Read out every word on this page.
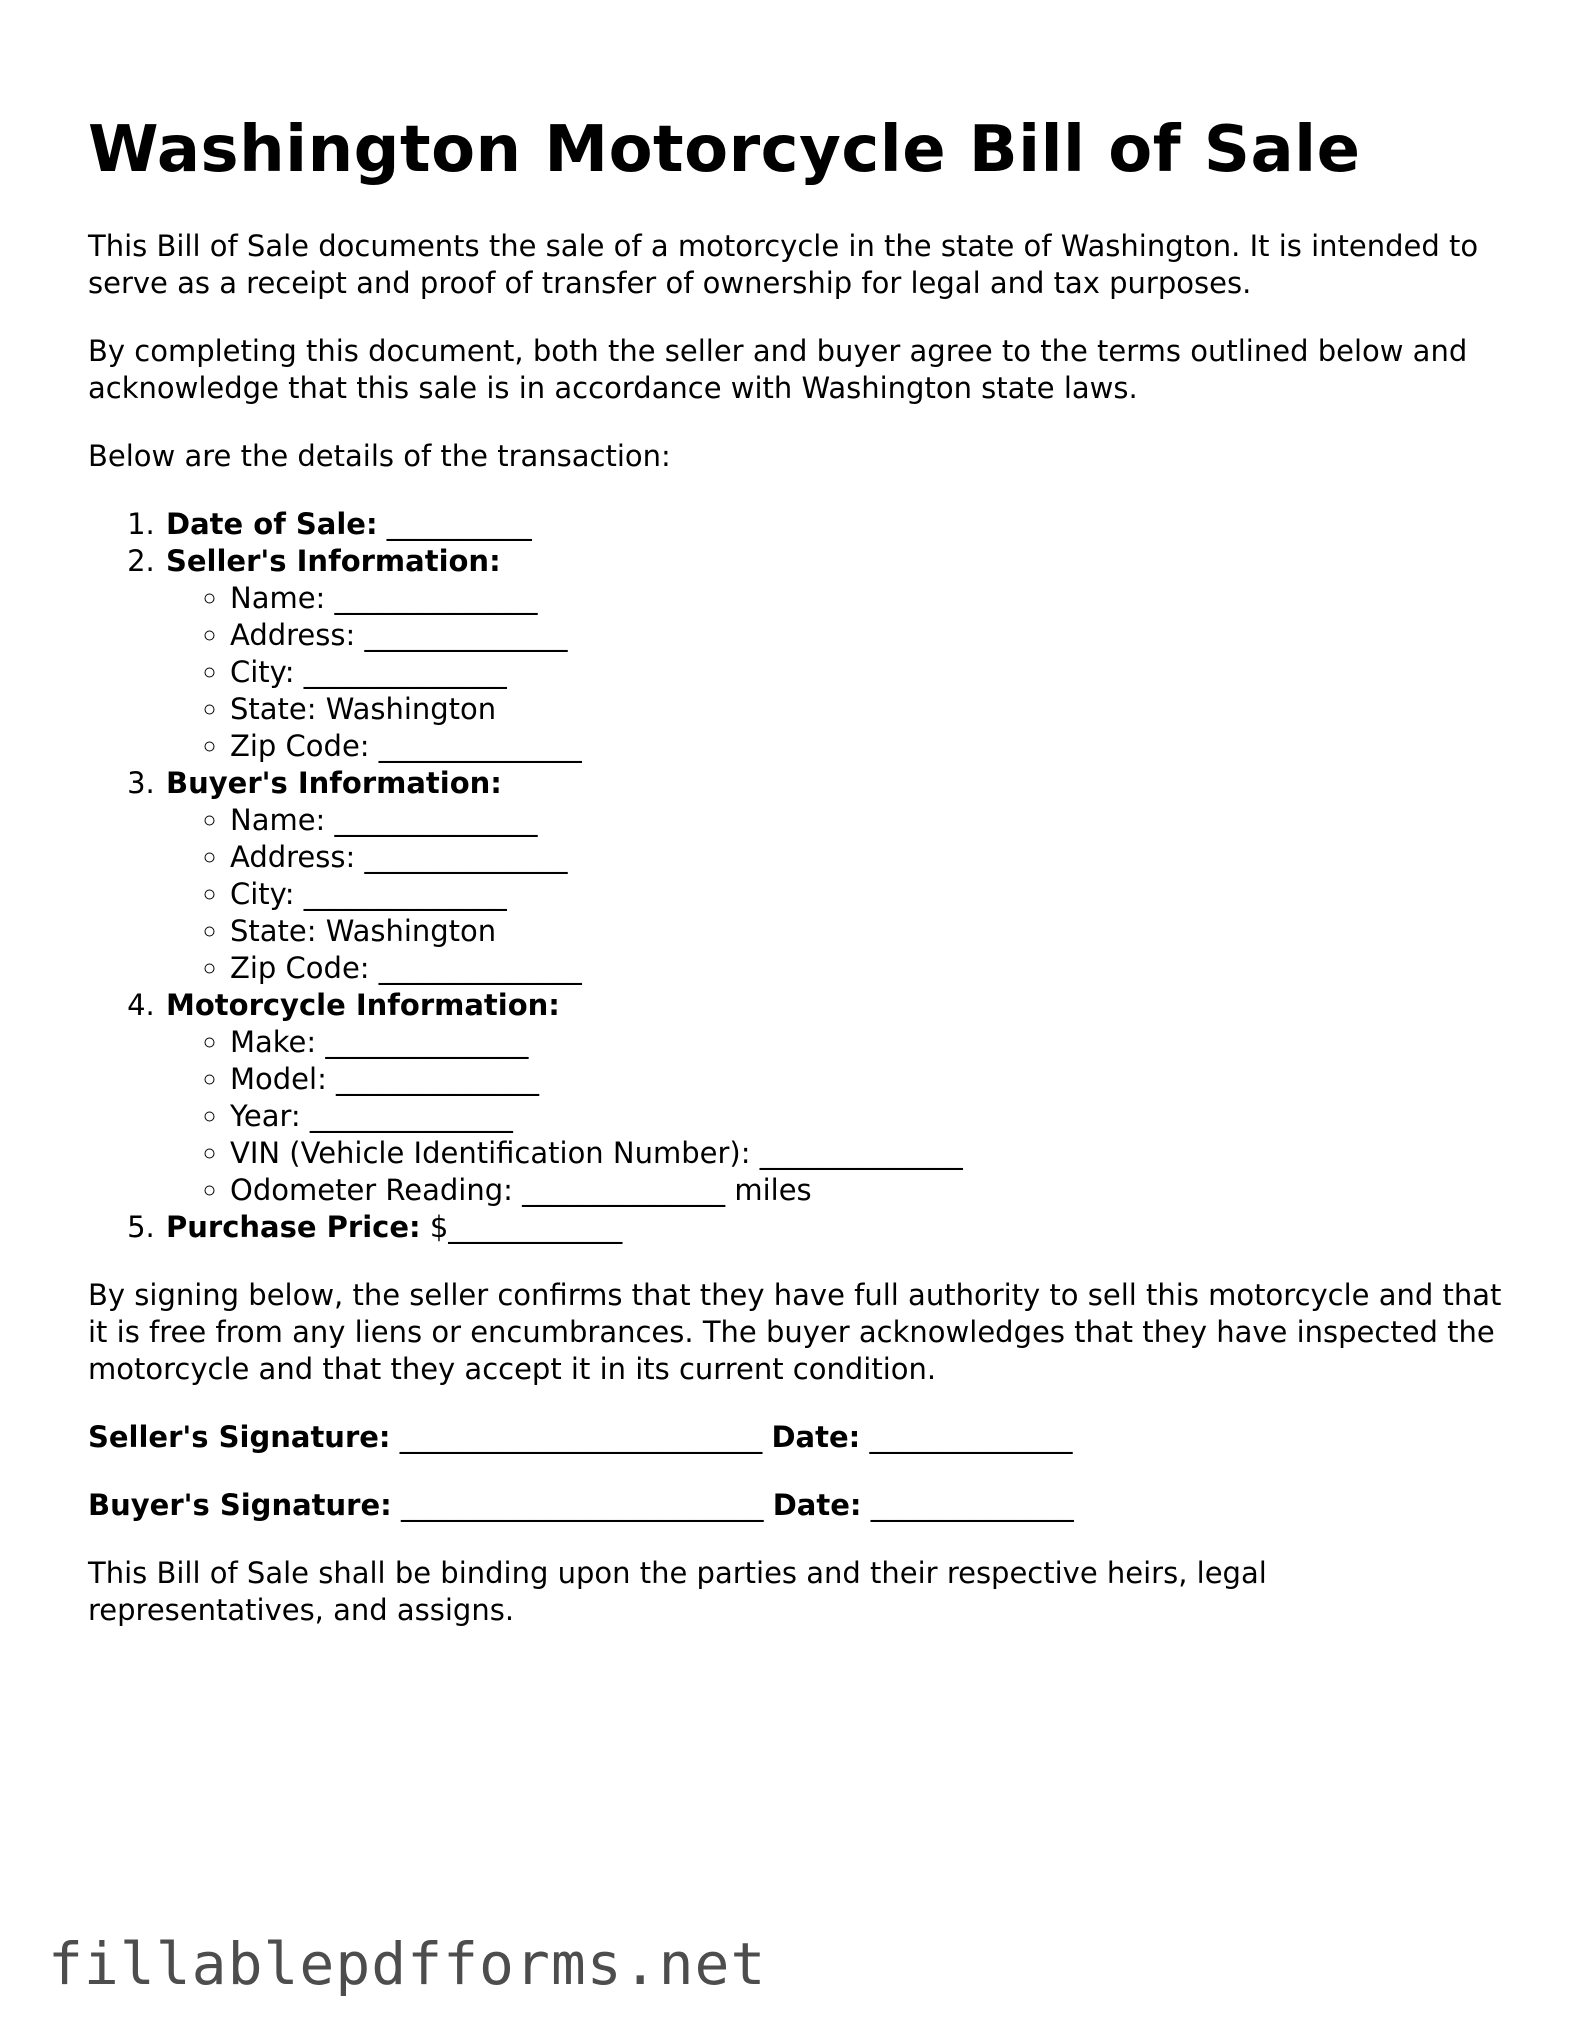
Washington Motorcycle Bill of Sale

This Bill of Sale documents the sale of a motorcycle in the state of Washington. It is intended to serve as a receipt and proof of transfer of ownership for legal and tax purposes.

By completing this document, both the seller and buyer agree to the terms outlined below and acknowledge that this sale is in accordance with Washington state laws.

Below are the details of the transaction:

1. Date of Sale: __________
2. Seller's Information:
◦ Name: ______________
◦ Address: ______________
◦ City: ______________
◦ State: Washington
◦ Zip Code: ______________
3. Buyer's Information:
◦ Name: ______________
◦ Address: ______________
◦ City: ______________
◦ State: Washington
◦ Zip Code: ______________
4. Motorcycle Information:
◦ Make: ______________
◦ Model: ______________
◦ Year: ______________
◦ VIN (Vehicle Identification Number): ______________
◦ Odometer Reading: ______________ miles
5. Purchase Price: $____________

By signing below, the seller confirms that they have full authority to sell this motorcycle and that it is free from any liens or encumbrances. The buyer acknowledges that they have inspected the motorcycle and that they accept it in its current condition.

Seller's Signature: _________________________ Date: ______________
Buyer's Signature: _________________________ Date: ______________

This Bill of Sale shall be binding upon the parties and their respective heirs, legal representatives, and assigns.

fillablepdfforms.net
